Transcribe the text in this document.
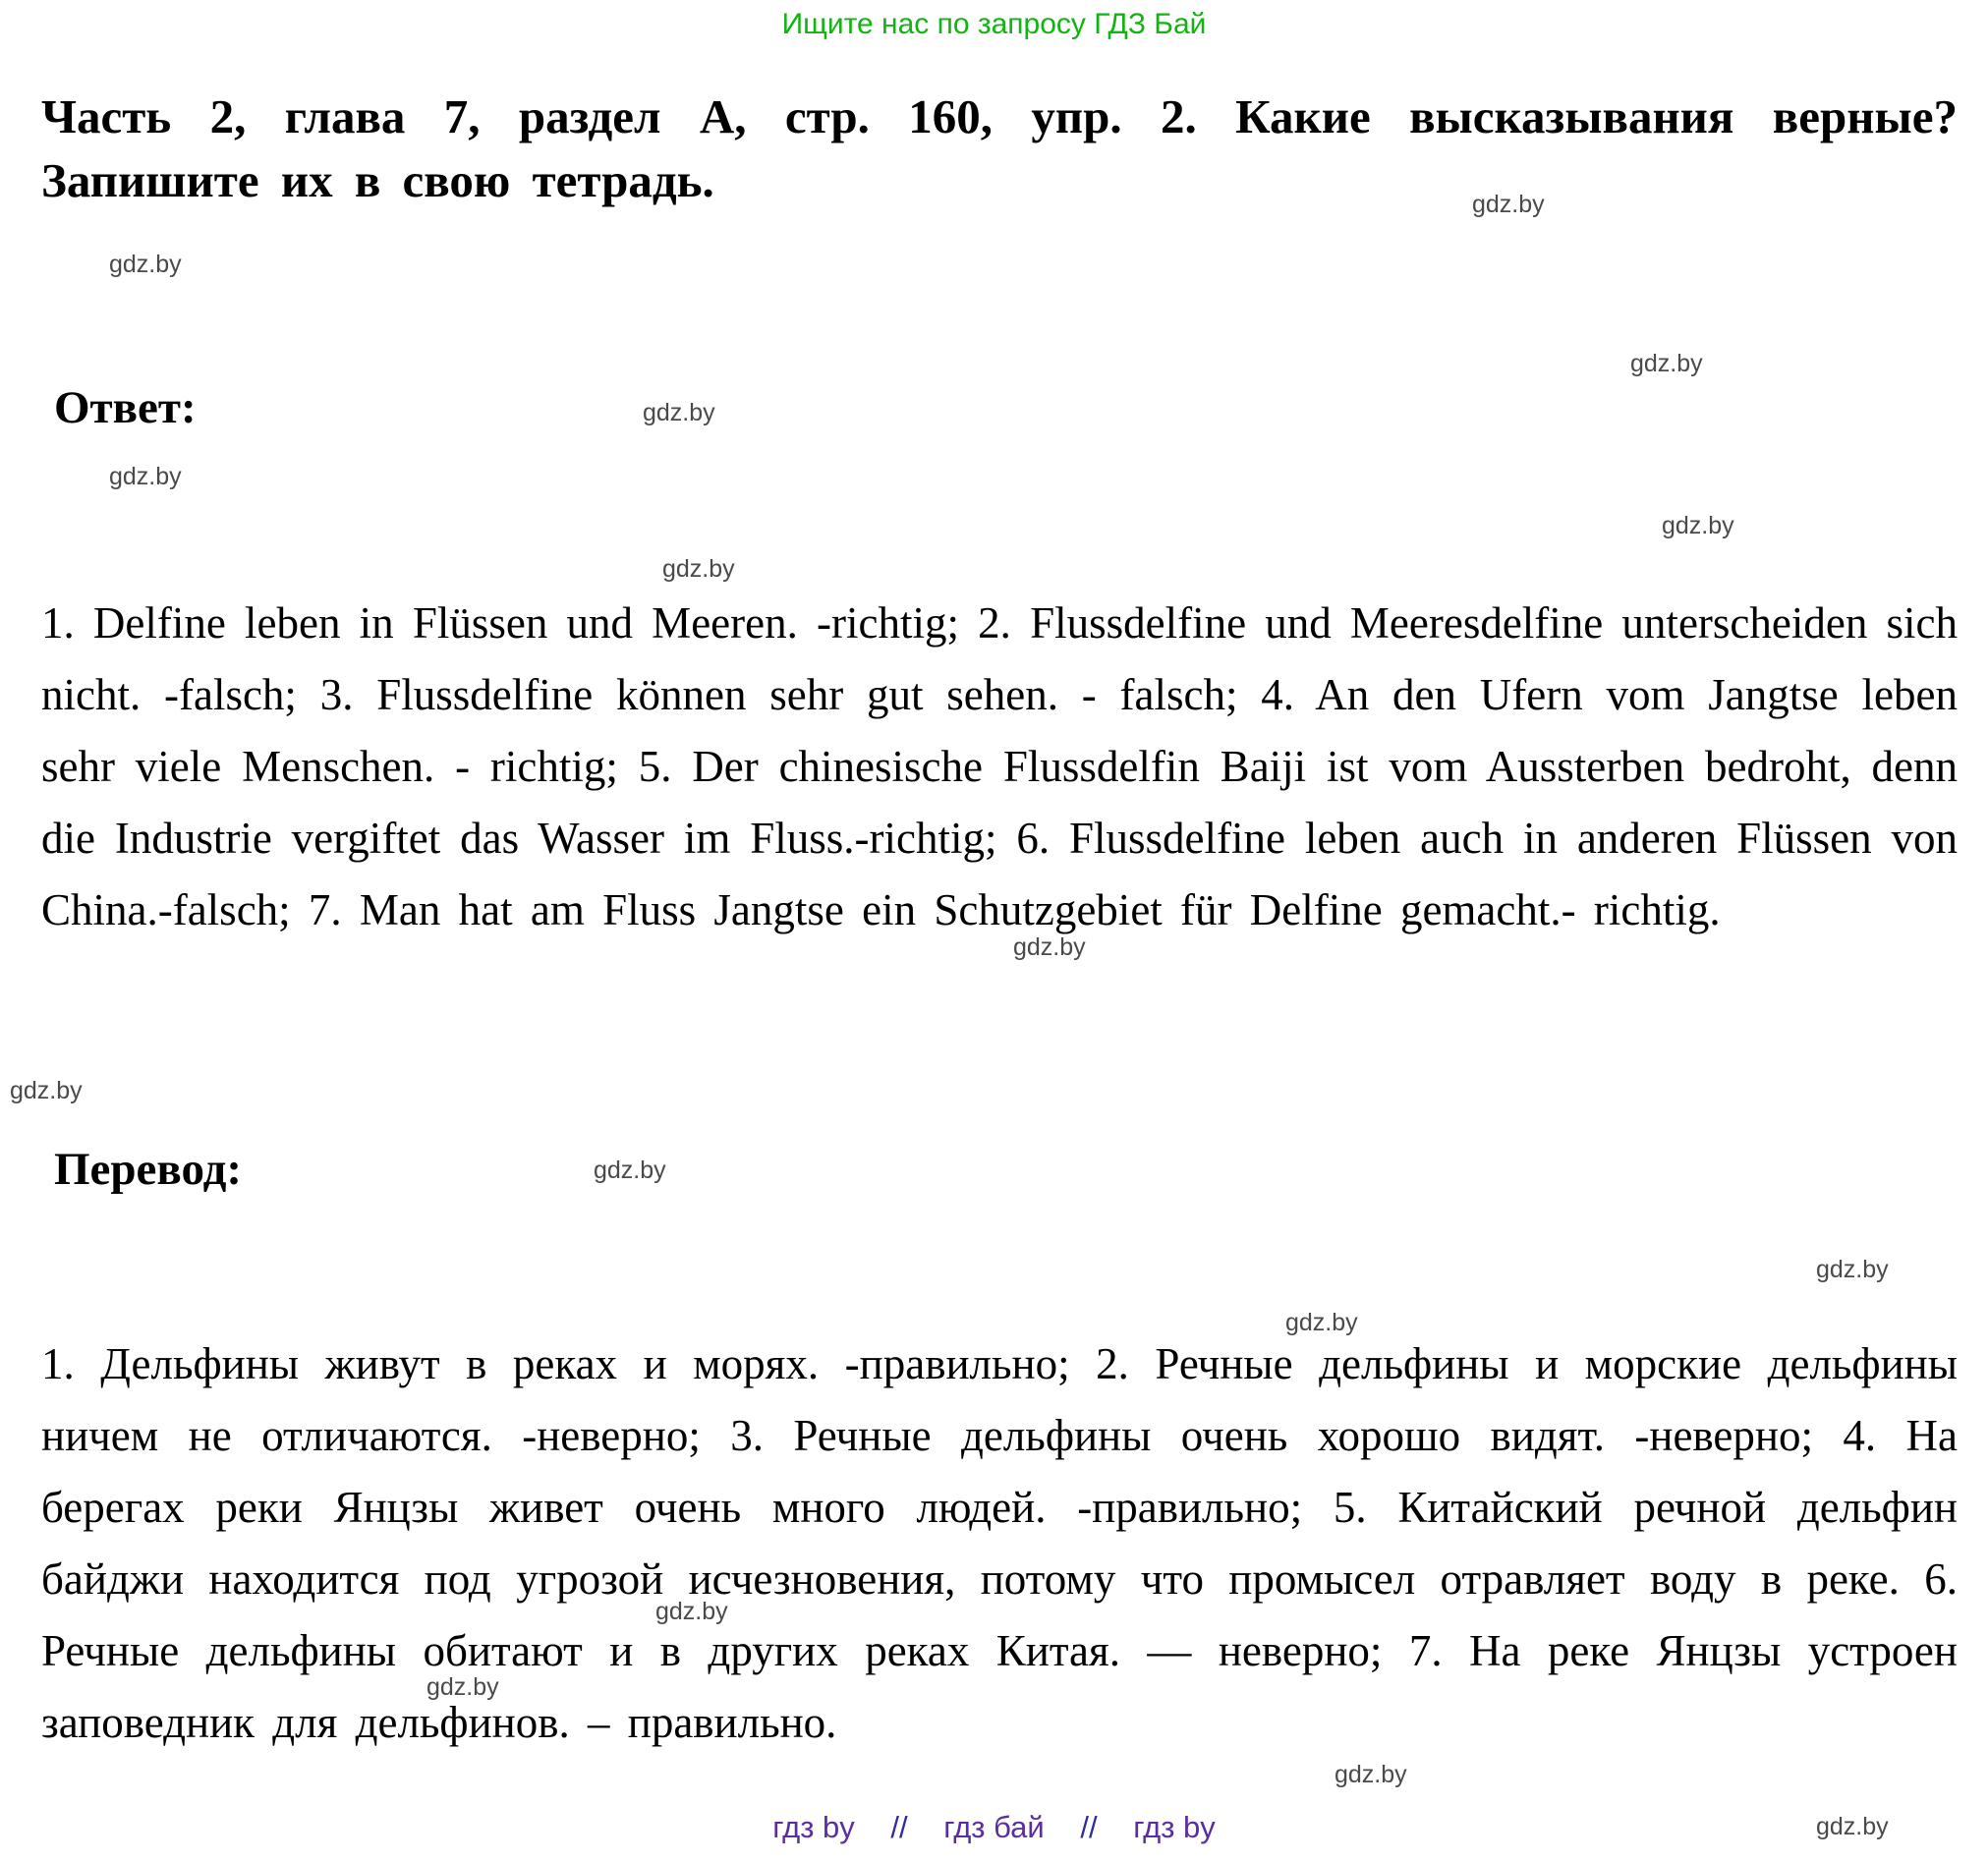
Ищите нас по запросу ГДЗ Бай
Часть 2, глава 7, раздел А, стр. 160, упр. 2. Какие высказывания верные? Запишите их в свою тетрадь.
Ответ:
1. Delfine leben in Flüssen und Meeren. -richtig; 2. Flussdelfine und Meeresdelfine unterscheiden sich nicht. -falsch; 3. Flussdelfine können sehr gut sehen. - falsch; 4. An den Ufern vom Jangtse leben sehr viele Menschen. - richtig; 5. Der chinesische Flussdelfin Baiji ist vom Aussterben bedroht, denn die Industrie vergiftet das Wasser im Fluss.-richtig; 6. Flussdelfine leben auch in anderen Flüssen von China.-falsch; 7. Man hat am Fluss Jangtse ein Schutzgebiet für Delfine gemacht.- richtig.
Перевод:
1. Дельфины живут в реках и морях. -правильно; 2. Речные дельфины и морские дельфины ничем не отличаются. -неверно; 3. Речные дельфины очень хорошо видят. -неверно; 4. На берегах реки Янцзы живет очень много людей. -правильно; 5. Китайский речной дельфин байджи находится под угрозой исчезновения, потому что промысел отравляет воду в реке. 6. Речные дельфины обитают и в других реках Китая. — неверно; 7. На реке Янцзы устроен заповедник для дельфинов. – правильно.
gdz.by
gdz.by
gdz.by
gdz.by
gdz.by
gdz.by
gdz.by
gdz.by
gdz.by
gdz.by
gdz.by
gdz.by
gdz.by
gdz.by
gdz.by
gdz.by
гдз by // гдз бай // гдз by
